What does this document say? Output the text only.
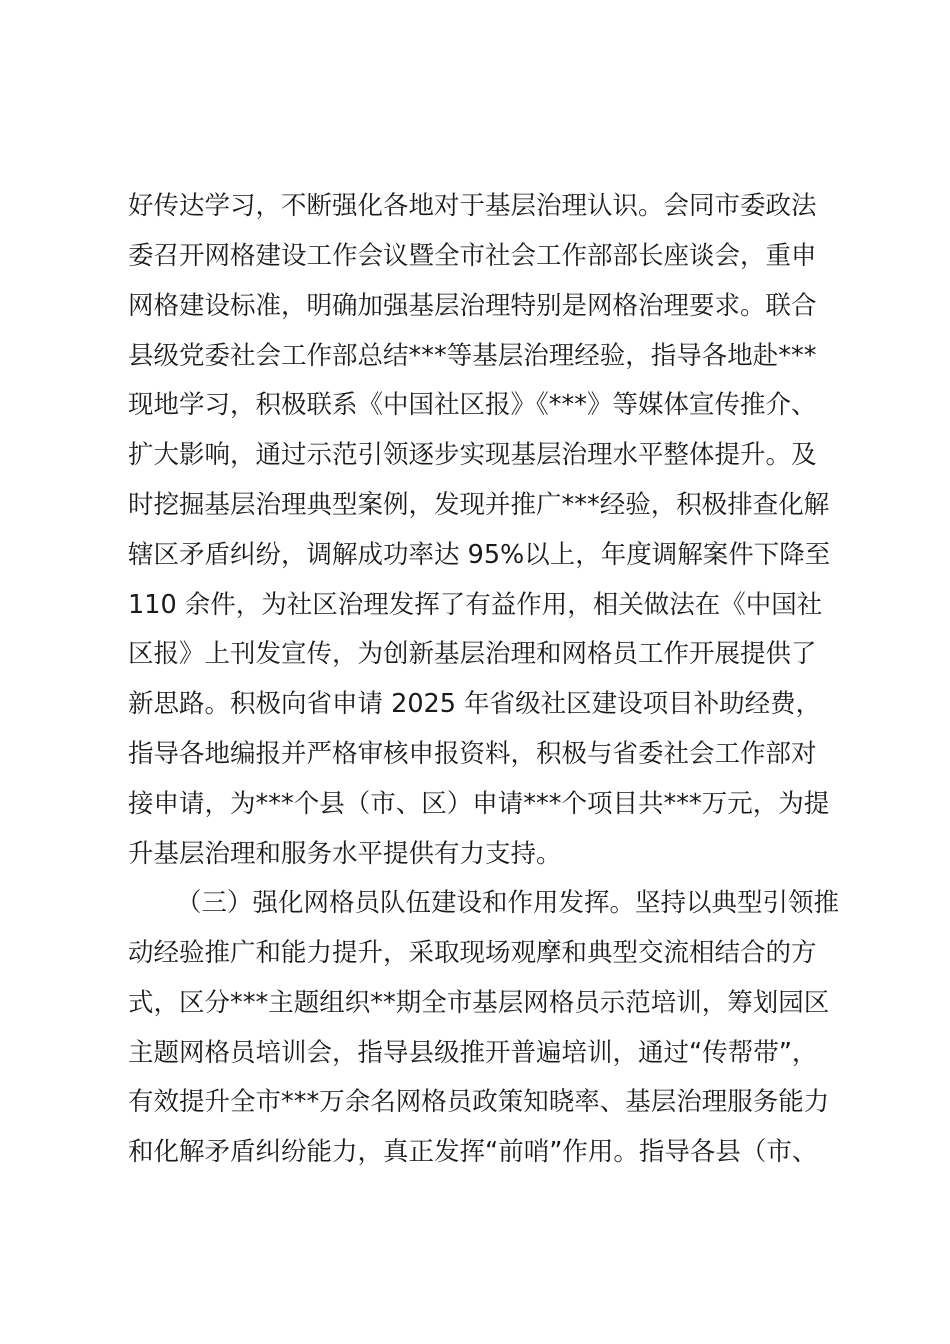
好传达学习，不断强化各地对于基层治理认识。会同市委政法
委召开网格建设工作会议暨全市社会工作部部长座谈会，重申
网格建设标准，明确加强基层治理特别是网格治理要求。联合
县级党委社会工作部总结***等基层治理经验，指导各地赴***
现地学习，积极联系《中国社区报》《***》等媒体宣传推介、
扩大影响，通过示范引领逐步实现基层治理水平整体提升。及
时挖掘基层治理典型案例，发现并推广***经验，积极排查化解
辖区矛盾纠纷，调解成功率达 95%以上，年度调解案件下降至
110 余件，为社区治理发挥了有益作用，相关做法在《中国社
区报》上刊发宣传，为创新基层治理和网格员工作开展提供了
新思路。积极向省申请 2025 年省级社区建设项目补助经费，
指导各地编报并严格审核申报资料，积极与省委社会工作部对
接申请，为***个县（市、区）申请***个项目共***万元，为提
升基层治理和服务水平提供有力支持。
（三）强化网格员队伍建设和作用发挥。坚持以典型引领推
动经验推广和能力提升，采取现场观摩和典型交流相结合的方
式，区分***主题组织**期全市基层网格员示范培训，筹划园区
主题网格员培训会，指导县级推开普遍培训，通过“传帮带”，
有效提升全市***万余名网格员政策知晓率、基层治理服务能力
和化解矛盾纠纷能力，真正发挥“前哨”作用。指导各县（市、
